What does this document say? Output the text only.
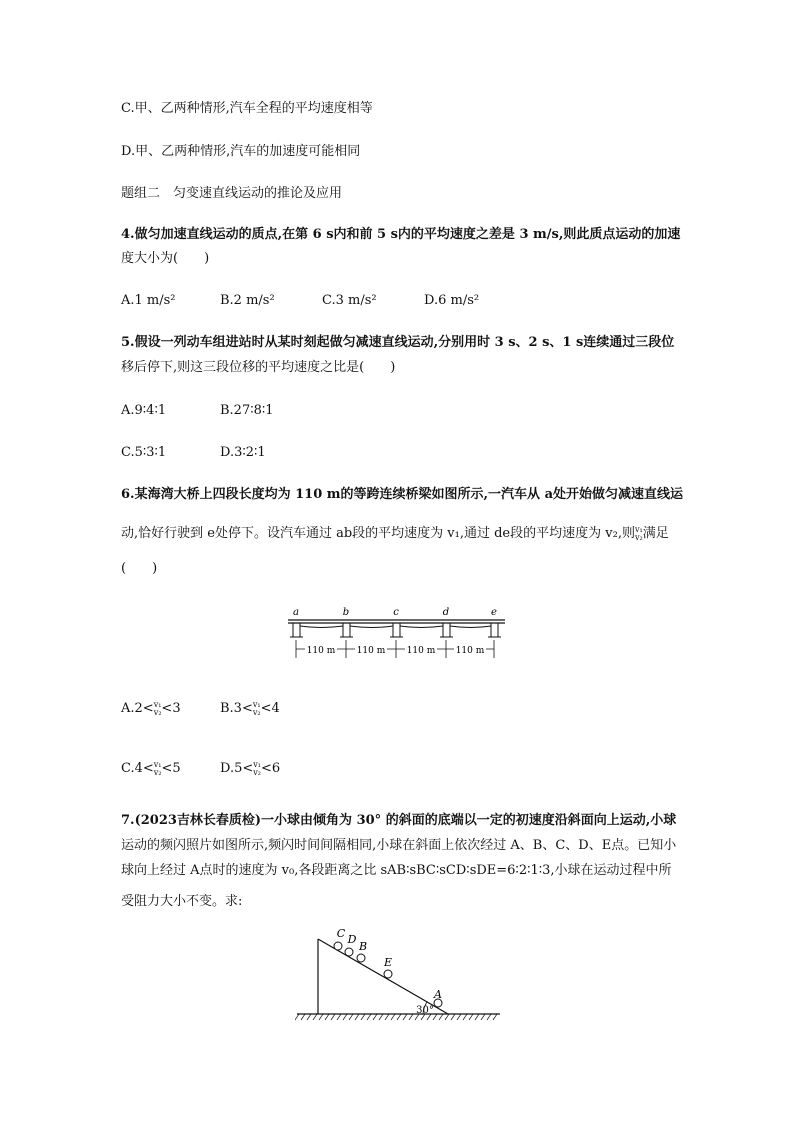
C.甲、乙两种情形,汽车全程的平均速度相等
D.甲、乙两种情形,汽车的加速度可能相同
题组二　匀变速直线运动的推论及应用
4.做匀加速直线运动的质点,在第 6 s内和前 5 s内的平均速度之差是 3 m/s,则此质点运动的加速
度大小为(　　)
A.1 m/s²	B.2 m/s²	C.3 m/s²	D.6 m/s²
5.假设一列动车组进站时从某时刻起做匀减速直线运动,分别用时 3 s、2 s、1 s连续通过三段位
移后停下,则这三段位移的平均速度之比是(　　)
A.9∶4∶1	B.27∶8∶1
C.5∶3∶1	D.3∶2∶1
6.某海湾大桥上四段长度均为 110 m的等跨连续桥梁如图所示,一汽车从 a处开始做匀减速直线运
动,恰好行驶到 e处停下。设汽车通过 ab段的平均速度为 v₁,通过 de段的平均速度为 v₂,则 v₁
v₂ 满足
(　　)
a	b	c	d	e
110 m 110 m 110 m 110 m
A.2< v₁
v₂ <3	B.3< v₁
v₂ <4
C.4< v₁
v₂ <5	D.5< v₁
v₂ <6
7.(2023吉林长春质检)一小球由倾角为 30° 的斜面的底端以一定的初速度沿斜面向上运动,小球
运动的频闪照片如图所示,频闪时间间隔相同,小球在斜面上依次经过 A、B、C、D、E点。已知小
球向上经过 A点时的速度为 v₀,各段距离之比 sAB∶sBC∶sCD∶sDE=6∶2∶1∶3,小球在运动过程中所
受阻力大小不变。求:
C D
B
E
A
30°
